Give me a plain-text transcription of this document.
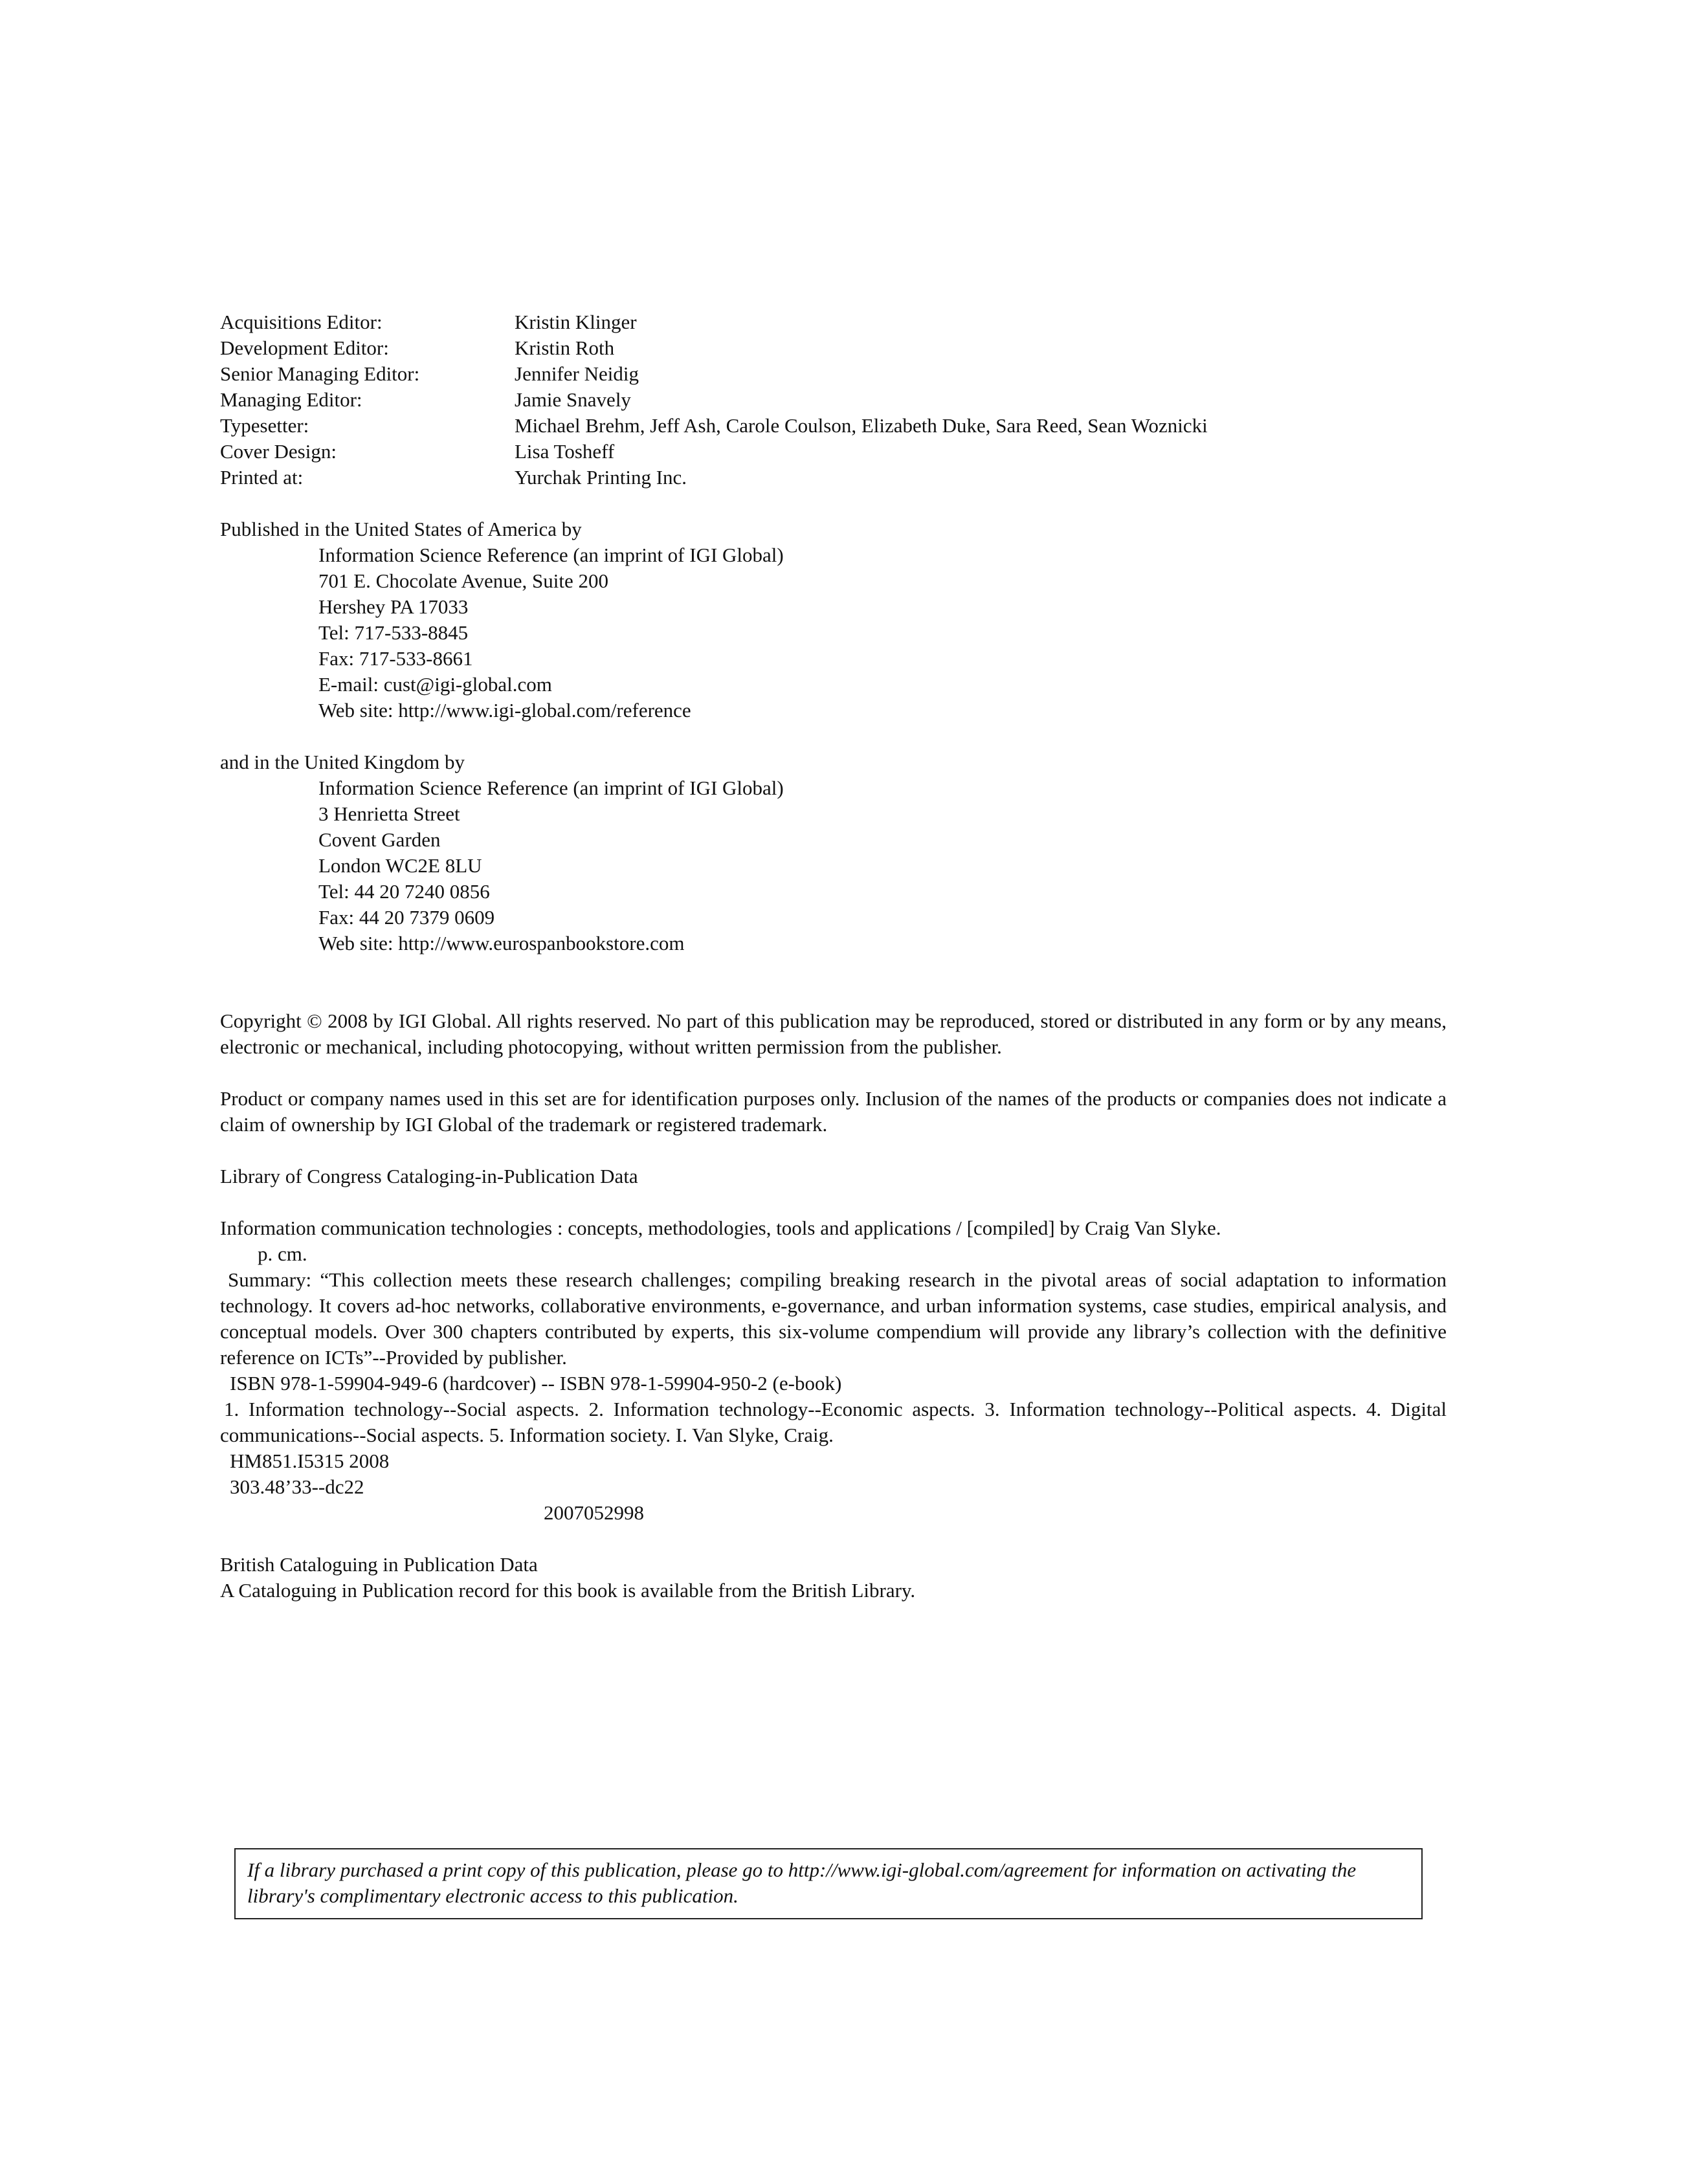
Acquisitions Editor:	Kristin Klinger
Development Editor:	Kristin Roth
Senior Managing Editor:	Jennifer Neidig
Managing Editor:	Jamie Snavely
Typesetter:	Michael Brehm, Jeff Ash, Carole Coulson, Elizabeth Duke, Sara Reed, Sean Woznicki
Cover Design:	Lisa Tosheff
Printed at:	Yurchak Printing Inc.
Published in the United States of America by
Information Science Reference (an imprint of IGI Global)
701 E. Chocolate Avenue, Suite 200
Hershey PA 17033
Tel: 717-533-8845
Fax: 717-533-8661
E-mail: cust@igi-global.com
Web site: http://www.igi-global.com/reference
and in the United Kingdom by
Information Science Reference (an imprint of IGI Global)
3 Henrietta Street
Covent Garden
London WC2E 8LU
Tel: 44 20 7240 0856
Fax: 44 20 7379 0609
Web site: http://www.eurospanbookstore.com
Copyright © 2008 by IGI Global. All rights reserved. No part of this publication may be reproduced, stored or distributed in any form or by any means, electronic or mechanical, including photocopying, without written permission from the publisher.
Product or company names used in this set are for identification purposes only. Inclusion of the names of the products or companies does not indicate a claim of ownership by IGI Global of the trademark or registered trademark.
Library of Congress Cataloging-in-Publication Data
Information communication technologies : concepts, methodologies, tools and applications / [compiled] by Craig Van Slyke.
p. cm.
Summary: “This collection meets these research challenges; compiling breaking research in the pivotal areas of social adaptation to information technology. It covers ad-hoc networks, collaborative environments, e-governance, and urban information systems, case studies, empirical analysis, and conceptual models. Over 300 chapters contributed by experts, this six-volume compendium will provide any library’s collection with the definitive reference on ICTs”--Provided by publisher.
ISBN 978-1-59904-949-6 (hardcover) -- ISBN 978-1-59904-950-2 (e-book)
1. Information technology--Social aspects. 2. Information technology--Economic aspects. 3. Information technology--Political aspects. 4. Digital communications--Social aspects. 5. Information society. I. Van Slyke, Craig.
HM851.I5315 2008
303.48’33--dc22
2007052998
British Cataloguing in Publication Data
A Cataloguing in Publication record for this book is available from the British Library.
If a library purchased a print copy of this publication, please go to http://www.igi-global.com/agreement for information on activating the library's complimentary electronic access to this publication.
